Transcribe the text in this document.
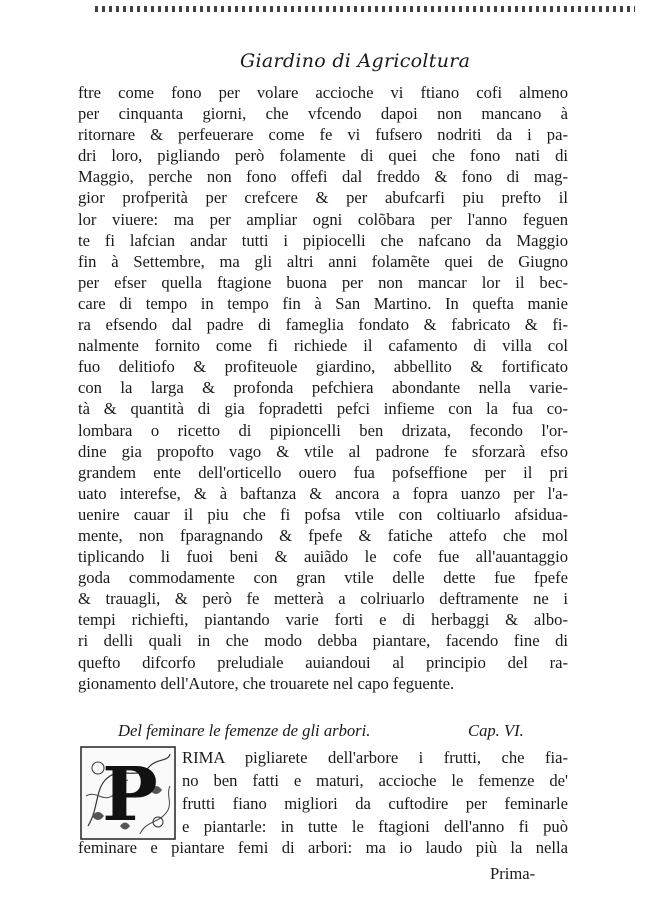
Giardino di Agricoltura
ftre come fono per volare accioche vi ftiano cofi almeno
per cinquanta giorni, che vfcendo dapoi non mancano à
ritornare & perfeuerare come fe vi fufsero nodriti da i pa-
dri loro, pigliando però folamente di quei che fono nati di
Maggio, perche non fono offefi dal freddo & fono di mag-
gior profperità per crefcere & per abufcarfi piu prefto il
lor viuere: ma per ampliar ogni colõbara per l'anno feguen
te fi lafcian andar tutti i pipiocelli che nafcano da Maggio
fin à Settembre, ma gli altri anni folamẽte quei de Giugno
per efser quella ftagione buona per non mancar lor il bec-
care di tempo in tempo fin à San Martino. In quefta manie
ra efsendo dal padre di fameglia fondato & fabricato & fi-
nalmente fornito come fi richiede il cafamento di villa col
fuo delitiofo & profiteuole giardino, abbellito & fortificato
con la larga & profonda pefchiera abondante nella varie-
tà & quantità di gia fopradetti pefci infieme con la fua co-
lombara o ricetto di pipioncelli ben drizata, fecondo l'or-
dine gia propofto vago & vtile al padrone fe sforzarà efso
grandem ente dell'orticello ouero fua pofseffione per il pri
uato interefse, & à baftanza & ancora a fopra uanzo per l'a-
uenire cauar il piu che fi pofsa vtile con coltiuarlo afsidua-
mente, non fparagnando & fpefe & fatiche attefo che mol
tiplicando li fuoi beni & auiãdo le cofe fue all'auantaggio
goda commodamente con gran vtile delle dette fue fpefe
& trauagli, & però fe metterà a colriuarlo deftramente ne i
tempi richiefti, piantando varie forti e di herbaggi & albo-
ri delli quali in che modo debba piantare, facendo fine di
quefto difcorfo preludiale auiandoui al principio del ra-
gionamento dell'Autore, che trouarete nel capo feguente.
Del feminare le femenze de gli arbori.	Cap. VI.
P RIMA pigliarete dell'arbore i frutti, che fia-
no ben fatti e maturi, accioche le femenze de'
frutti fiano migliori da cuftodire per feminarle
e piantarle: in tutte le ftagioni dell'anno fi può
feminare e piantare femi di arbori: ma io laudo più la nella
Prima-
